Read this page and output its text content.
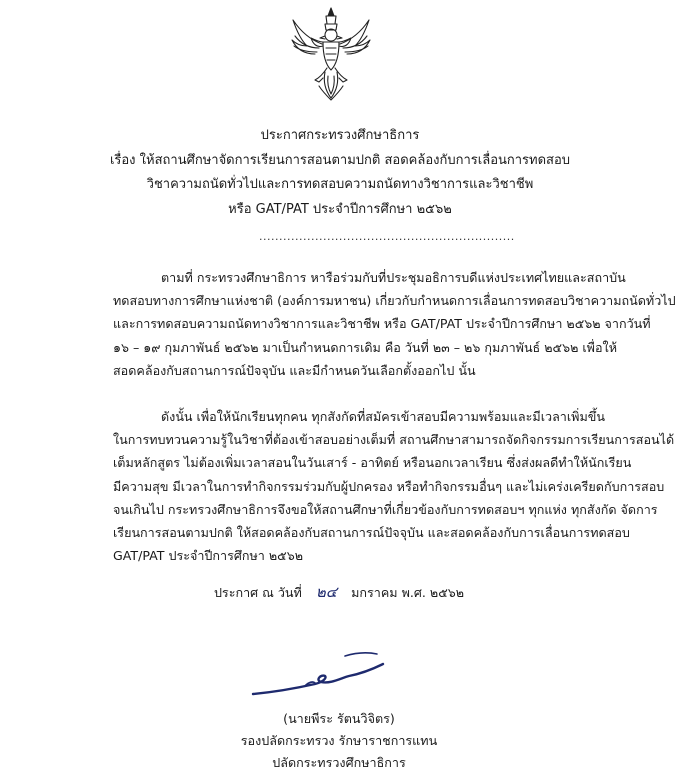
ประกาศกระทรวงศึกษาธิการ
เรื่อง ให้สถานศึกษาจัดการเรียนการสอนตามปกติ สอดคล้องกับการเลื่อนการทดสอบ
วิชาความถนัดทั่วไปและการทดสอบความถนัดทางวิชาการและวิชาชีพ
หรือ GAT/PAT ประจำปีการศึกษา ๒๕๖๒
................................................................
ตามที่ กระทรวงศึกษาธิการ หารือร่วมกับที่ประชุมอธิการบดีแห่งประเทศไทยและสถาบัน
ทดสอบทางการศึกษาแห่งชาติ (องค์การมหาชน) เกี่ยวกับกำหนดการเลื่อนการทดสอบวิชาความถนัดทั่วไป
และการทดสอบความถนัดทางวิชาการและวิชาชีพ หรือ GAT/PAT ประจำปีการศึกษา ๒๕๖๒ จากวันที่
๑๖ – ๑๙ กุมภาพันธ์ ๒๕๖๒ มาเป็นกำหนดการเดิม คือ วันที่ ๒๓ – ๒๖ กุมภาพันธ์ ๒๕๖๒ เพื่อให้
สอดคล้องกับสถานการณ์ปัจจุบัน และมีกำหนดวันเลือกตั้งออกไป นั้น
ดังนั้น เพื่อให้นักเรียนทุกคน ทุกสังกัดที่สมัครเข้าสอบมีความพร้อมและมีเวลาเพิ่มขึ้น
ในการทบทวนความรู้ในวิชาที่ต้องเข้าสอบอย่างเต็มที่ สถานศึกษาสามารถจัดกิจกรรมการเรียนการสอนได้
เต็มหลักสูตร ไม่ต้องเพิ่มเวลาสอนในวันเสาร์ - อาทิตย์ หรือนอกเวลาเรียน ซึ่งส่งผลดีทำให้นักเรียน
มีความสุข มีเวลาในการทำกิจกรรมร่วมกับผู้ปกครอง หรือทำกิจกรรมอื่นๆ และไม่เคร่งเครียดกับการสอบ
จนเกินไป กระทรวงศึกษาธิการจึงขอให้สถานศึกษาที่เกี่ยวข้องกับการทดสอบฯ ทุกแห่ง ทุกสังกัด จัดการ
เรียนการสอนตามปกติ ให้สอดคล้องกับสถานการณ์ปัจจุบัน และสอดคล้องกับการเลื่อนการทดสอบ
GAT/PAT ประจำปีการศึกษา ๒๕๖๒
ประกาศ ณ วันที่ ๒๔ มกราคม พ.ศ. ๒๕๖๒
(นายพีระ รัตนวิจิตร)
รองปลัดกระทรวง รักษาราชการแทน
ปลัดกระทรวงศึกษาธิการ
